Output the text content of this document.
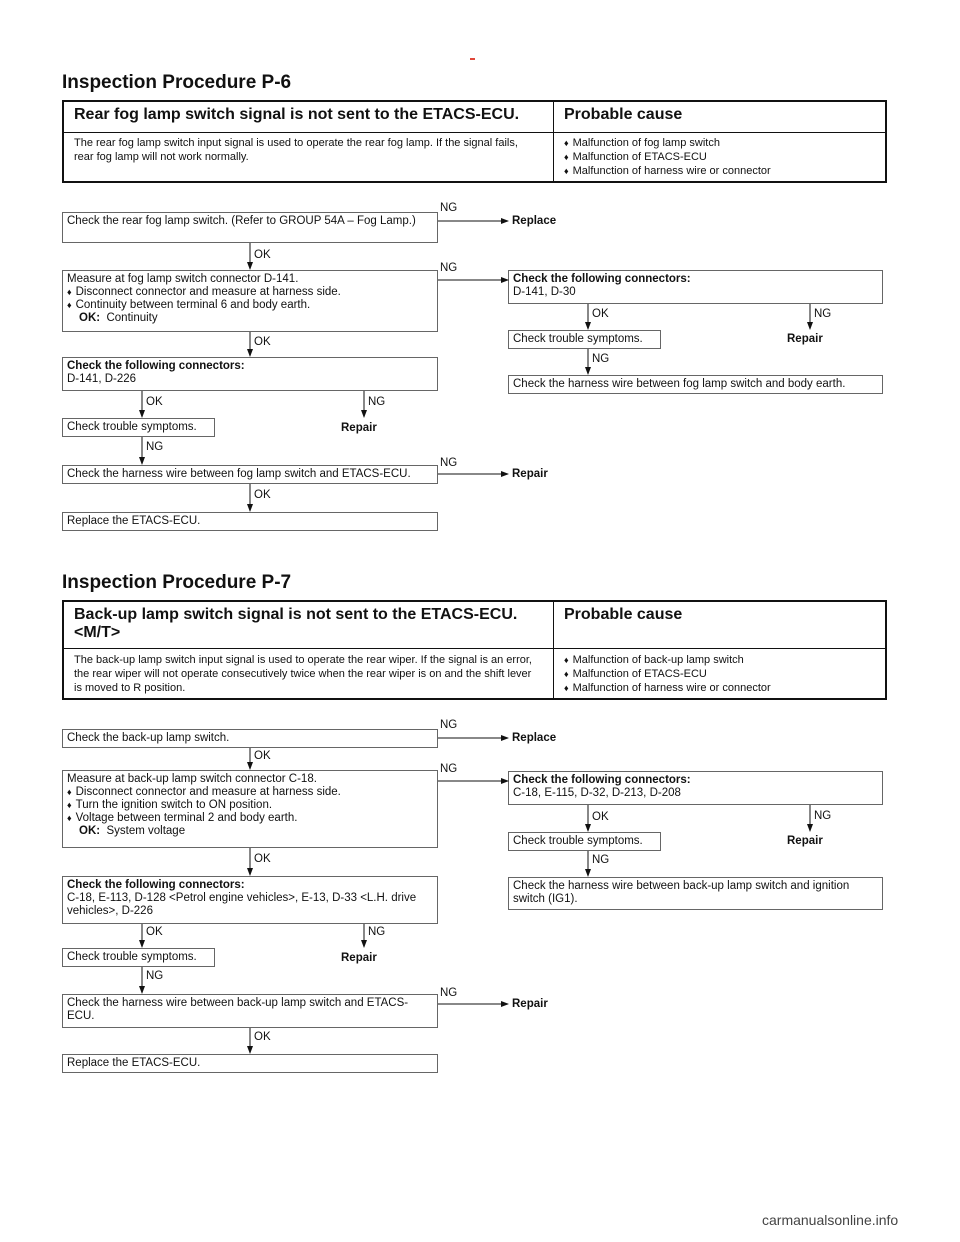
Inspection Procedure P-6
Rear fog lamp switch signal is not sent to the ETACS-ECU.	Probable cause
The rear fog lamp switch input signal is used to operate the rear fog lamp. If the signal fails, rear fog lamp will not work normally.
♦ Malfunction of fog lamp switch
♦ Malfunction of ETACS-ECU
♦ Malfunction of harness wire or connector
Check the rear fog lamp switch. (Refer to GROUP 54A – Fog Lamp.)
Measure at fog lamp switch connector D-141.
♦ Disconnect connector and measure at harness side.
♦ Continuity between terminal 6 and body earth.
OK: Continuity
Check the following connectors:
D-141, D-226
Check trouble symptoms.
Check the harness wire between fog lamp switch and ETACS-ECU.
Replace the ETACS-ECU.
Check the following connectors:
D-141, D-30
Check trouble symptoms.
Check the harness wire between fog lamp switch and body earth.
NG
Replace
OK
NG
OK
OK	NG
Repair
NG
NG
Repair
OK
OK	NG
Repair
NG
Inspection Procedure P-7
Back-up lamp switch signal is not sent to the ETACS-ECU.
<M/T>
Probable cause
The back-up lamp switch input signal is used to operate the rear wiper. If the signal is an error, the rear wiper will not operate consecutively twice when the rear wiper is on and the shift lever is moved to R position.
♦ Malfunction of back-up lamp switch
♦ Malfunction of ETACS-ECU
♦ Malfunction of harness wire or connector
Check the back-up lamp switch.
Measure at back-up lamp switch connector C-18.
♦ Disconnect connector and measure at harness side.
♦ Turn the ignition switch to ON position.
♦ Voltage between terminal 2 and body earth.
OK: System voltage
Check the following connectors:
C-18, E-113, D-128 <Petrol engine vehicles>, E-13, D-33 <L.H. drive vehicles>, D-226
Check trouble symptoms.
Check the harness wire between back-up lamp switch and ETACS-ECU.
Replace the ETACS-ECU.
Check the following connectors:
C-18, E-115, D-32, D-213, D-208
Check trouble symptoms.
Check the harness wire between back-up lamp switch and ignition switch (IG1).
NG
Replace
OK
NG
OK
OK	NG
Repair
NG
NG
Repair
OK
OK	NG
Repair
NG
carmanualsonline.info
